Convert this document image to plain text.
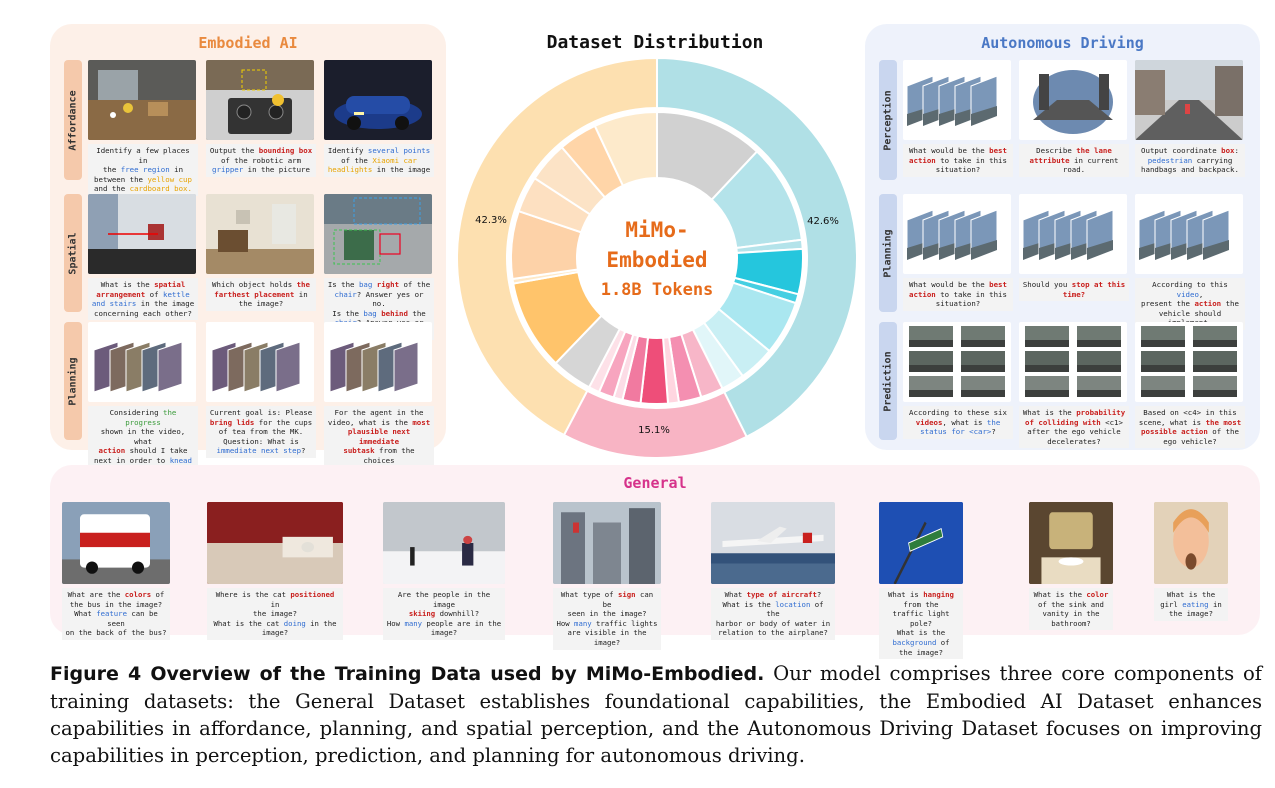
Embodied AI
Affordance
Identify a few places in
the free region in
between the yellow cup
and the cardboard box.
Output the bounding box
of the robotic arm
gripper in the picture
Identify several points
of the Xiaomi car
headlights in the image
Spatial
What is the spatial
arrangement of kettle
and stairs in the image
concerning each other?
Which object holds the
farthest placement in
the image?
Is the bag right of the
chair? Answer yes or no.
Is the bag behind the

Planning
Considering the progress
shown in the video, what
action should I take
next in order to knead

Current goal is: Please
bring lids for the cups
of tea from the MK.
Question: What is
immediate next step?
For the agent in the
video, what is the most
plausible next immediate
subtask from the choices

Autonomous Driving
Perception
What would be the best
action to take in this
situation?
Describe the lane
attribute in current
road.
Output coordinate box:
pedestrian carrying
handbags and backpack.
Planning
What would be the best
action to take in this
situation?
Should you stop at this
time?
According to this video,
present the action the
vehicle should
Prediction
According to these six
videos, what is the
status for <car>?
What is the probability
of colliding with <c1>
after the ego vehicle
decelerates?
Based on <c4> in this
scene, what is the most
possible action of the
ego vehicle?
General
What are the colors of
the bus in the image?
What feature can be seen
on the back of the bus?
Where is the cat positioned in
the image?
What is the cat doing in the
image?
Are the people in the image
skiing downhill?
How many people are in the
image?
What type of sign can be
seen in the image?
How many traffic lights
are visible in the image?
What type of aircraft?
What is the location of the
harbor or body of water in
relation to the airplane?
What is hanging from the
traffic light pole?
What is the background of
the image?
What is the color
of the sink and
vanity in the
bathroom?
What is the
girl eating in
the image?
Dataset Distribution
MiMo-
Embodied
1.8B Tokens
42.3%	42.6%
15.1%
Figure 4 Overview of the Training Data used by MiMo-Embodied. Our model comprises three core components of training datasets: the General Dataset establishes foundational capabilities, the Embodied AI Dataset enhances capabilities in affordance, planning, and spatial perception, and the Autonomous Driving Dataset focuses on improving capabilities in perception, prediction, and planning for autonomous driving.
